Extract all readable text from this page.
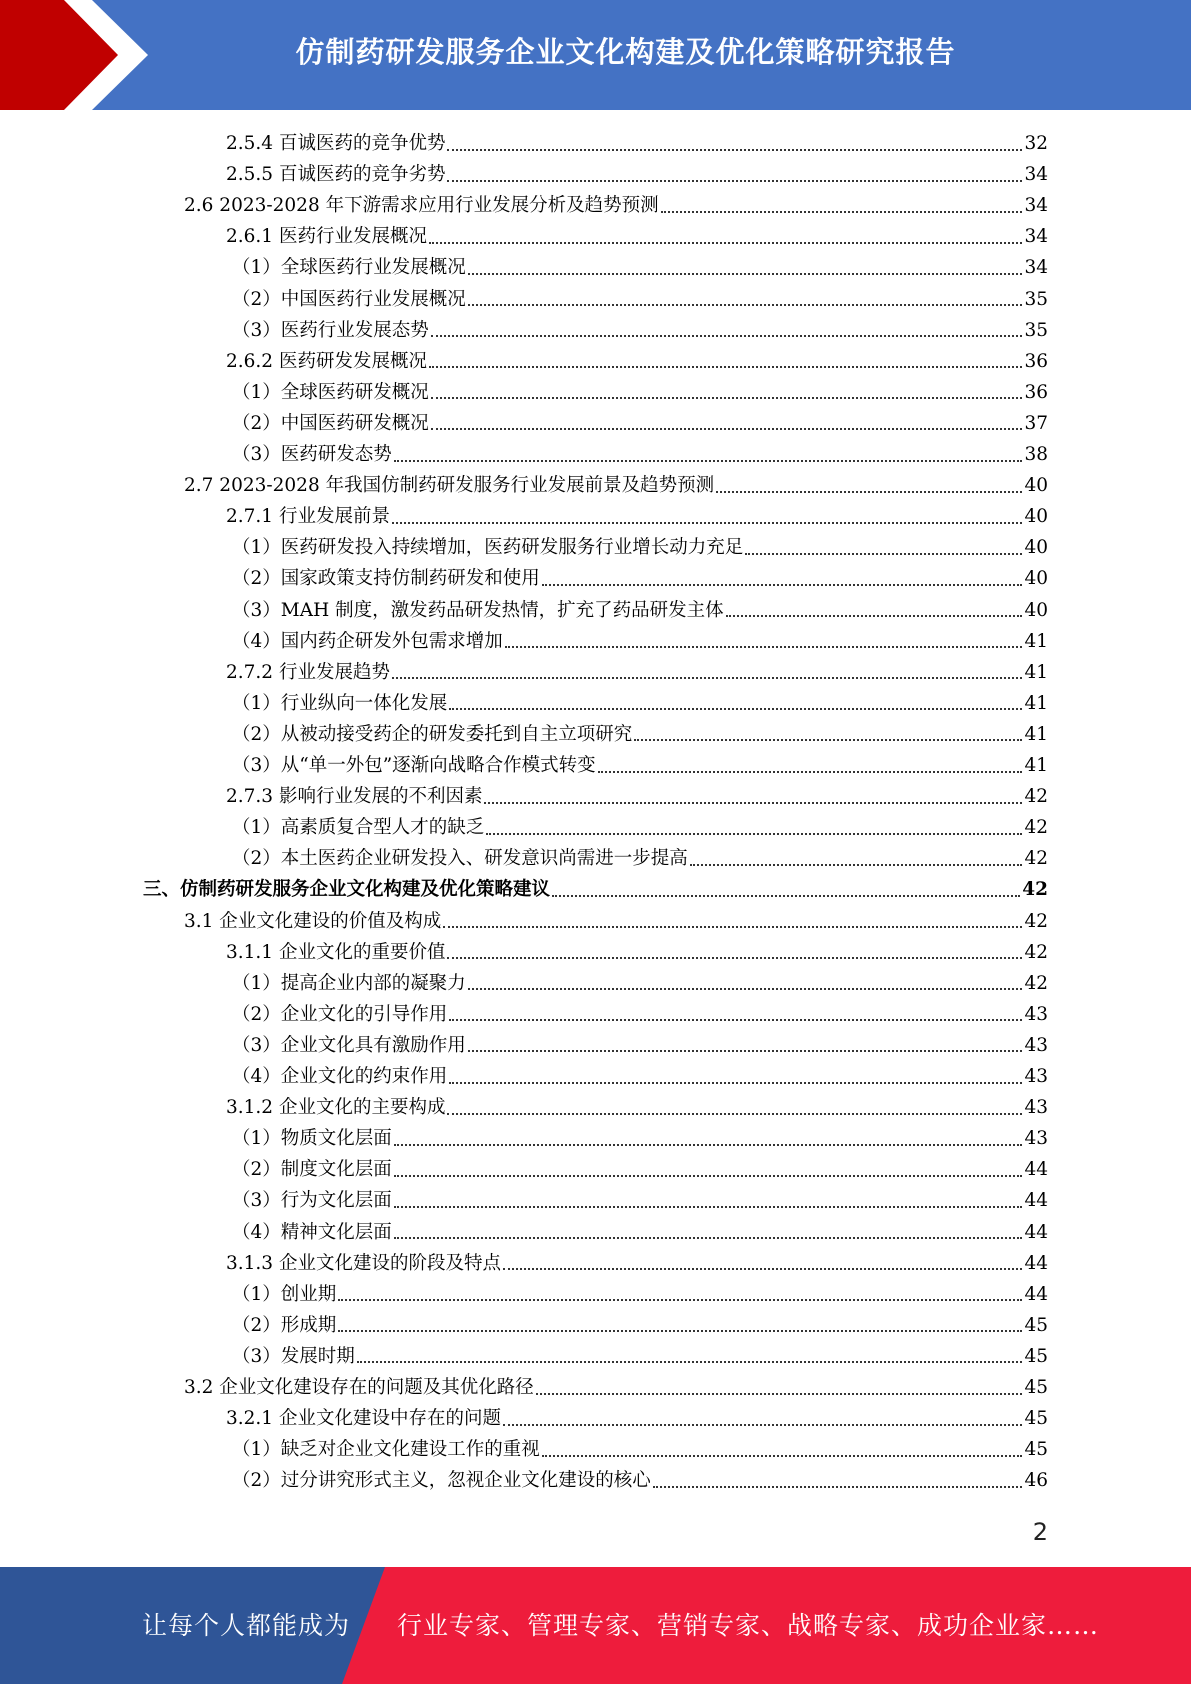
仿制药研发服务企业文化构建及优化策略研究报告
2.5.4 百诚医药的竞争优势	32
2.5.5 百诚医药的竞争劣势	34
2.6 2023-2028 年下游需求应用行业发展分析及趋势预测	34
2.6.1 医药行业发展概况	34
（1）全球医药行业发展概况	34
（2）中国医药行业发展概况	35
（3）医药行业发展态势	35
2.6.2 医药研发发展概况	36
（1）全球医药研发概况	36
（2）中国医药研发概况	37
（3）医药研发态势	38
2.7 2023-2028 年我国仿制药研发服务行业发展前景及趋势预测	40
2.7.1 行业发展前景	40
（1）医药研发投入持续增加，医药研发服务行业增长动力充足	40
（2）国家政策支持仿制药研发和使用	40
（3）MAH 制度，激发药品研发热情，扩充了药品研发主体	40
（4）国内药企研发外包需求增加	41
2.7.2 行业发展趋势	41
（1）行业纵向一体化发展	41
（2）从被动接受药企的研发委托到自主立项研究	41
（3）从“单一外包”逐渐向战略合作模式转变	41
2.7.3 影响行业发展的不利因素	42
（1）高素质复合型人才的缺乏	42
（2）本土医药企业研发投入、研发意识尚需进一步提高	42
三、仿制药研发服务企业文化构建及优化策略建议	42
3.1 企业文化建设的价值及构成	42
3.1.1 企业文化的重要价值	42
（1）提高企业内部的凝聚力	42
（2）企业文化的引导作用	43
（3）企业文化具有激励作用	43
（4）企业文化的约束作用	43
3.1.2 企业文化的主要构成	43
（1）物质文化层面	43
（2）制度文化层面	44
（3）行为文化层面	44
（4）精神文化层面	44
3.1.3 企业文化建设的阶段及特点	44
（1）创业期	44
（2）形成期	45
（3）发展时期	45
3.2 企业文化建设存在的问题及其优化路径	45
3.2.1 企业文化建设中存在的问题	45
（1）缺乏对企业文化建设工作的重视	45
（2）过分讲究形式主义，忽视企业文化建设的核心	46
2
让每个人都能成为 行业专家、管理专家、营销专家、战略专家、成功企业家……
